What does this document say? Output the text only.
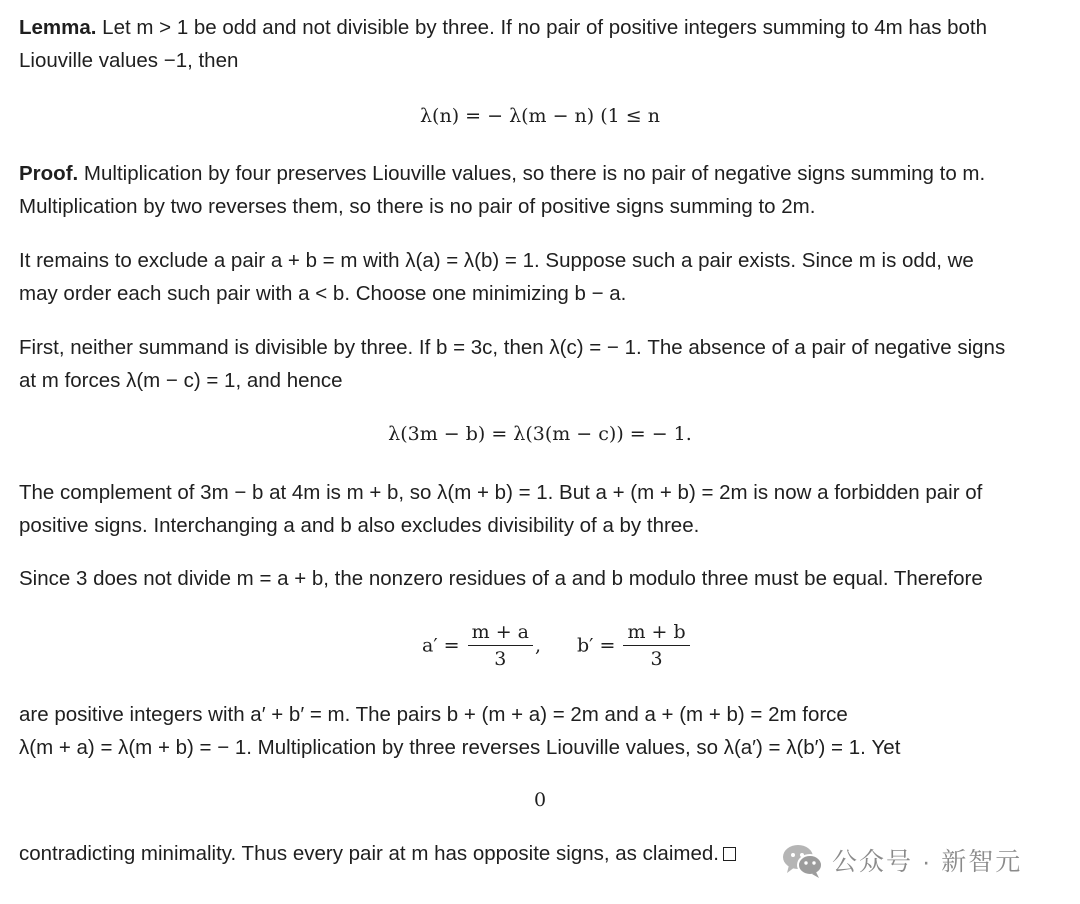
Lemma. Let m > 1 be odd and not divisible by three. If no pair of positive integers summing to 4m has both
Liouville values −1, then
λ(n) = − λ(m − n) (1 ≤ n
Proof. Multiplication by four preserves Liouville values, so there is no pair of negative signs summing to m.
Multiplication by two reverses them, so there is no pair of positive signs summing to 2m.
It remains to exclude a pair a + b = m with λ(a) = λ(b) = 1. Suppose such a pair exists. Since m is odd, we
may order each such pair with a < b. Choose one minimizing b − a.
First, neither summand is divisible by three. If b = 3c, then λ(c) = − 1. The absence of a pair of negative signs
at m forces λ(m − c) = 1, and hence
λ(3m − b) = λ(3(m − c)) = − 1.
The complement of 3m − b at 4m is m + b, so λ(m + b) = 1. But a + (m + b) = 2m is now a forbidden pair of
positive signs. Interchanging a and b also excludes divisibility of a by three.
Since 3 does not divide m = a + b, the nonzero residues of a and b modulo three must be equal. Therefore
$a' = \frac{m + a}{3}$ , $b' = \frac{m + b}{3}$
are positive integers with a′ + b′ = m. The pairs b + (m + a) = 2m and a + (m + b) = 2m force
λ(m + a) = λ(m + b) = − 1. Multiplication by three reverses Liouville values, so λ(a′) = λ(b′) = 1. Yet
0
contradicting minimality. Thus every pair at m has opposite signs, as claimed.	公众号 · 新智元
